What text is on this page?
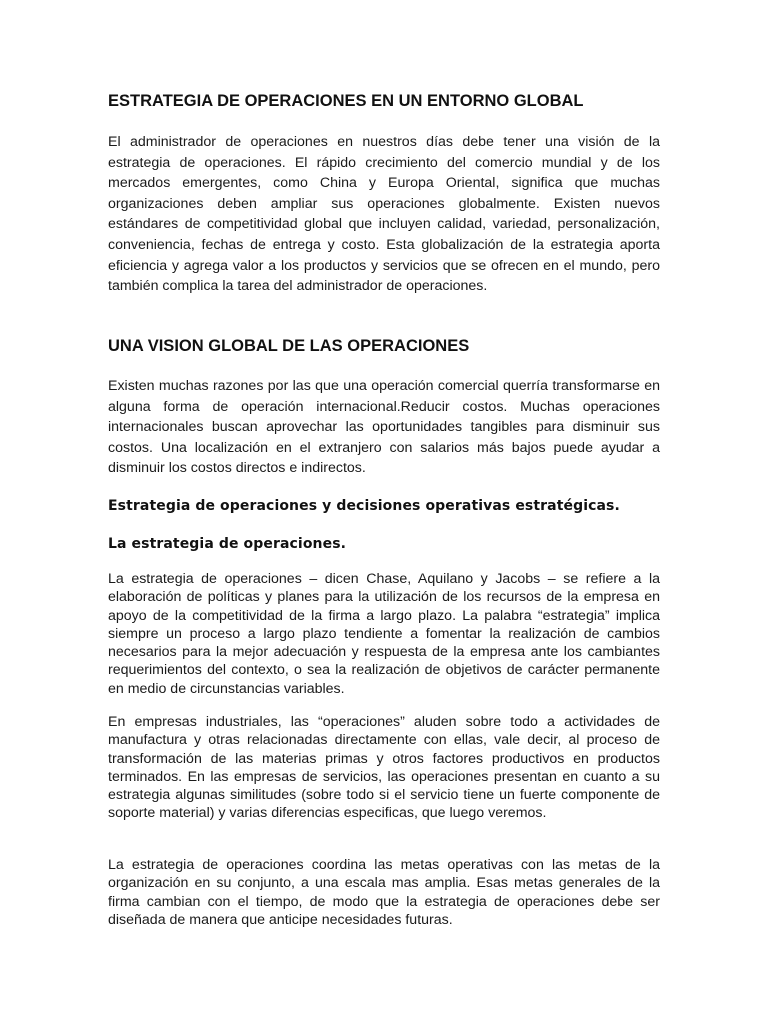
ESTRATEGIA DE OPERACIONES EN UN ENTORNO GLOBAL

El administrador de operaciones en nuestros días debe tener una visión de la estrategia de operaciones. El rápido crecimiento del comercio mundial y de los mercados emergentes, como China y Europa Oriental, significa que muchas organizaciones deben ampliar sus operaciones globalmente. Existen nuevos estándares de competitividad global que incluyen calidad, variedad, personalización, conveniencia, fechas de entrega y costo. Esta globalización de la estrategia aporta eficiencia y agrega valor a los productos y servicios que se ofrecen en el mundo, pero también complica la tarea del administrador de operaciones.

UNA VISION GLOBAL DE LAS OPERACIONES

Existen muchas razones por las que una operación comercial querría transformarse en alguna forma de operación internacional.Reducir costos. Muchas operaciones internacionales buscan aprovechar las oportunidades tangibles para disminuir sus costos. Una localización en el extranjero con salarios más bajos puede ayudar a disminuir los costos directos e indirectos.

Estrategia de operaciones y decisiones operativas estratégicas.
La estrategia de operaciones.

La estrategia de operaciones – dicen Chase, Aquilano y Jacobs – se refiere a la elaboración de políticas y planes para la utilización de los recursos de la empresa en apoyo de la competitividad de la firma a largo plazo. La palabra “estrategia” implica siempre un proceso a largo plazo tendiente a fomentar la realización de cambios necesarios para la mejor adecuación y respuesta de la empresa ante los cambiantes requerimientos del contexto, o sea la realización de objetivos de carácter permanente en medio de circunstancias variables.

En empresas industriales, las “operaciones” aluden sobre todo a actividades de manufactura y otras relacionadas directamente con ellas, vale decir, al proceso de transformación de las materias primas y otros factores productivos en productos terminados. En las empresas de servicios, las operaciones presentan en cuanto a su estrategia algunas similitudes (sobre todo si el servicio tiene un fuerte componente de soporte material) y varias diferencias especificas, que luego veremos.

La estrategia de operaciones coordina las metas operativas con las metas de la organización en su conjunto, a una escala mas amplia. Esas metas generales de la firma cambian con el tiempo, de modo que la estrategia de operaciones debe ser diseñada de manera que anticipe necesidades futuras.
